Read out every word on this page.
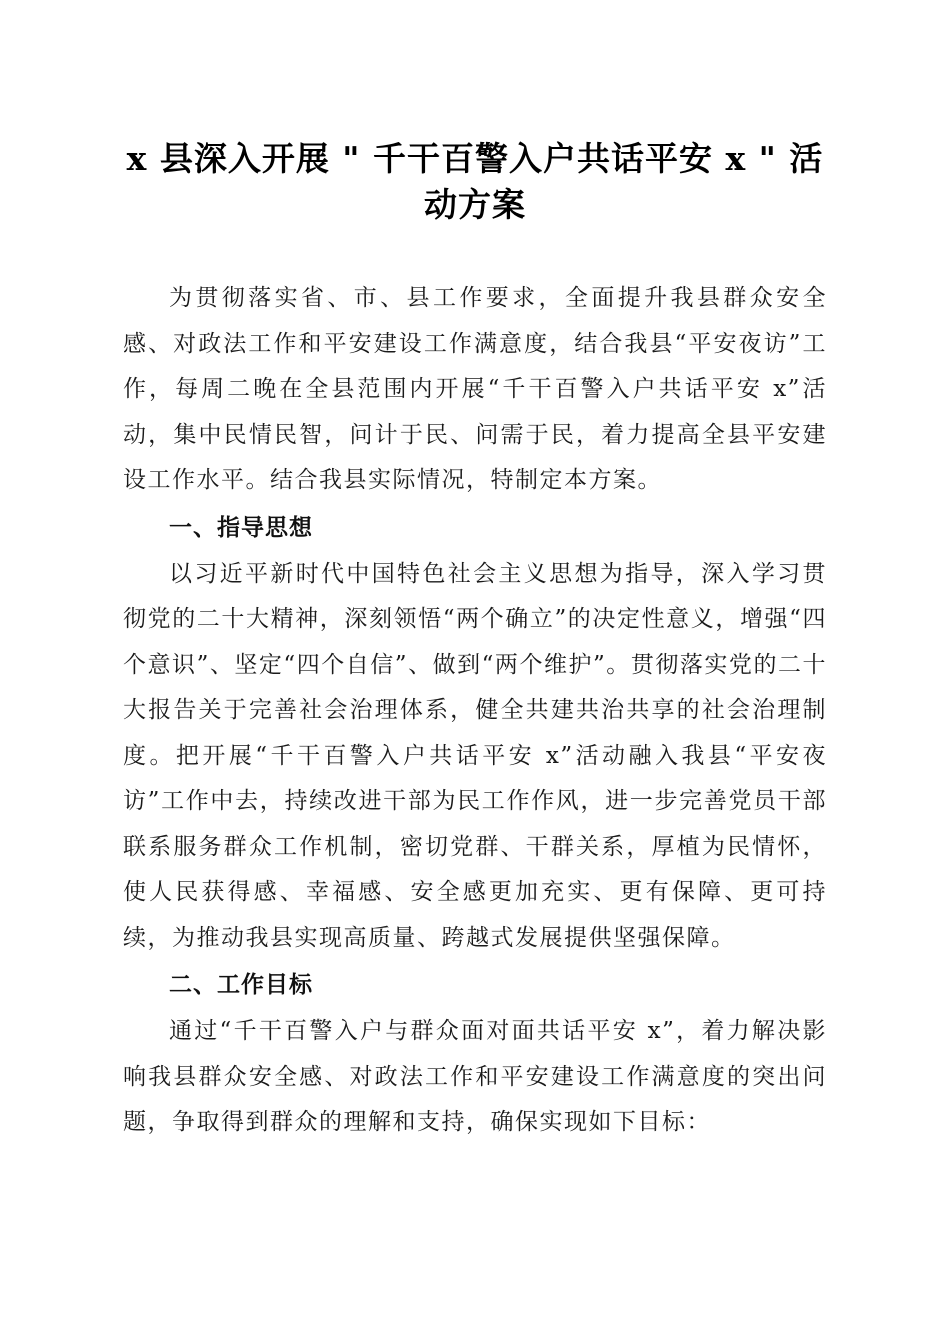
x 县深入开展 " 千干百警入户共话平安 x " 活
动方案

为贯彻落实省、市、县工作要求，全面提升我县群众安全感、对政法工作和平安建设工作满意度，结合我县“平安夜访”工作，每周二晚在全县范围内开展“千干百警入户共话平安 x”活动，集中民情民智，问计于民、问需于民，着力提高全县平安建设工作水平。结合我县实际情况，特制定本方案。

一、指导思想

以习近平新时代中国特色社会主义思想为指导，深入学习贯彻党的二十大精神，深刻领悟“两个确立”的决定性意义，增强“四个意识”、坚定“四个自信”、做到“两个维护”。贯彻落实党的二十大报告关于完善社会治理体系，健全共建共治共享的社会治理制度。把开展“千干百警入户共话平安 x”活动融入我县“平安夜访”工作中去，持续改进干部为民工作作风，进一步完善党员干部联系服务群众工作机制，密切党群、干群关系，厚植为民情怀，使人民获得感、幸福感、安全感更加充实、更有保障、更可持续，为推动我县实现高质量、跨越式发展提供坚强保障。

二、工作目标

通过“千干百警入户与群众面对面共话平安 x”，着力解决影响我县群众安全感、对政法工作和平安建设工作满意度的突出问题，争取得到群众的理解和支持，确保实现如下目标：
